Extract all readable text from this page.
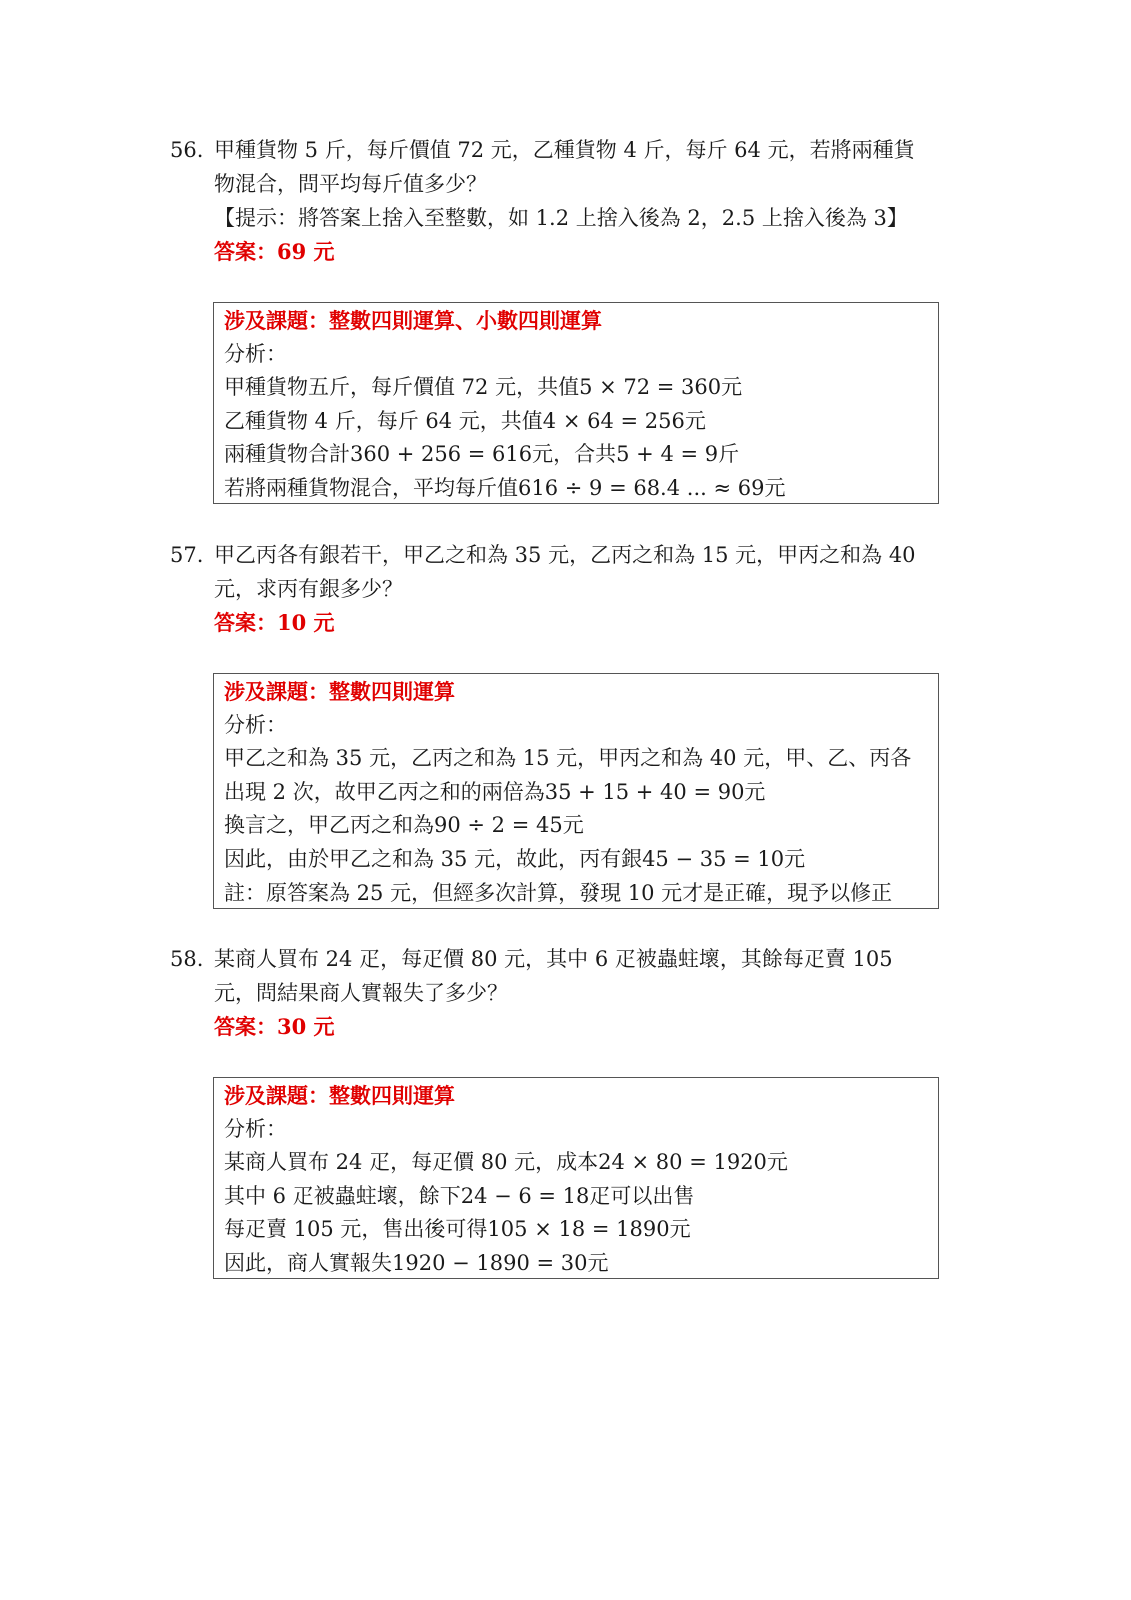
56. 甲種貨物 5 斤，每斤價值 72 元，乙種貨物 4 斤，每斤 64 元，若將兩種貨
物混合，問平均每斤值多少？
【提示：將答案上捨入至整數，如 1.2 上捨入後為 2，2.5 上捨入後為 3】
答案：69 元
涉及課題：整數四則運算、小數四則運算
分析：
甲種貨物五斤，每斤價值 72 元，共值5 × 72 = 360元
乙種貨物 4 斤，每斤 64 元，共值4 × 64 = 256元
兩種貨物合計360 + 256 = 616元，合共5 + 4 = 9斤
若將兩種貨物混合，平均每斤值616 ÷ 9 = 68.4 ... ≈ 69元
57. 甲乙丙各有銀若干，甲乙之和為 35 元，乙丙之和為 15 元，甲丙之和為 40
元，求丙有銀多少？
答案：10 元
涉及課題：整數四則運算
分析：
甲乙之和為 35 元，乙丙之和為 15 元，甲丙之和為 40 元，甲、乙、丙各
出現 2 次，故甲乙丙之和的兩倍為35 + 15 + 40 = 90元
換言之，甲乙丙之和為90 ÷ 2 = 45元
因此，由於甲乙之和為 35 元，故此，丙有銀45 − 35 = 10元
註：原答案為 25 元，但經多次計算，發現 10 元才是正確，現予以修正
58. 某商人買布 24 疋，每疋價 80 元，其中 6 疋被蟲蛀壞，其餘每疋賣 105
元，問結果商人實報失了多少？
答案：30 元
涉及課題：整數四則運算
分析：
某商人買布 24 疋，每疋價 80 元，成本24 × 80 = 1920元
其中 6 疋被蟲蛀壞，餘下24 − 6 = 18疋可以出售
每疋賣 105 元，售出後可得105 × 18 = 1890元
因此，商人實報失1920 − 1890 = 30元
